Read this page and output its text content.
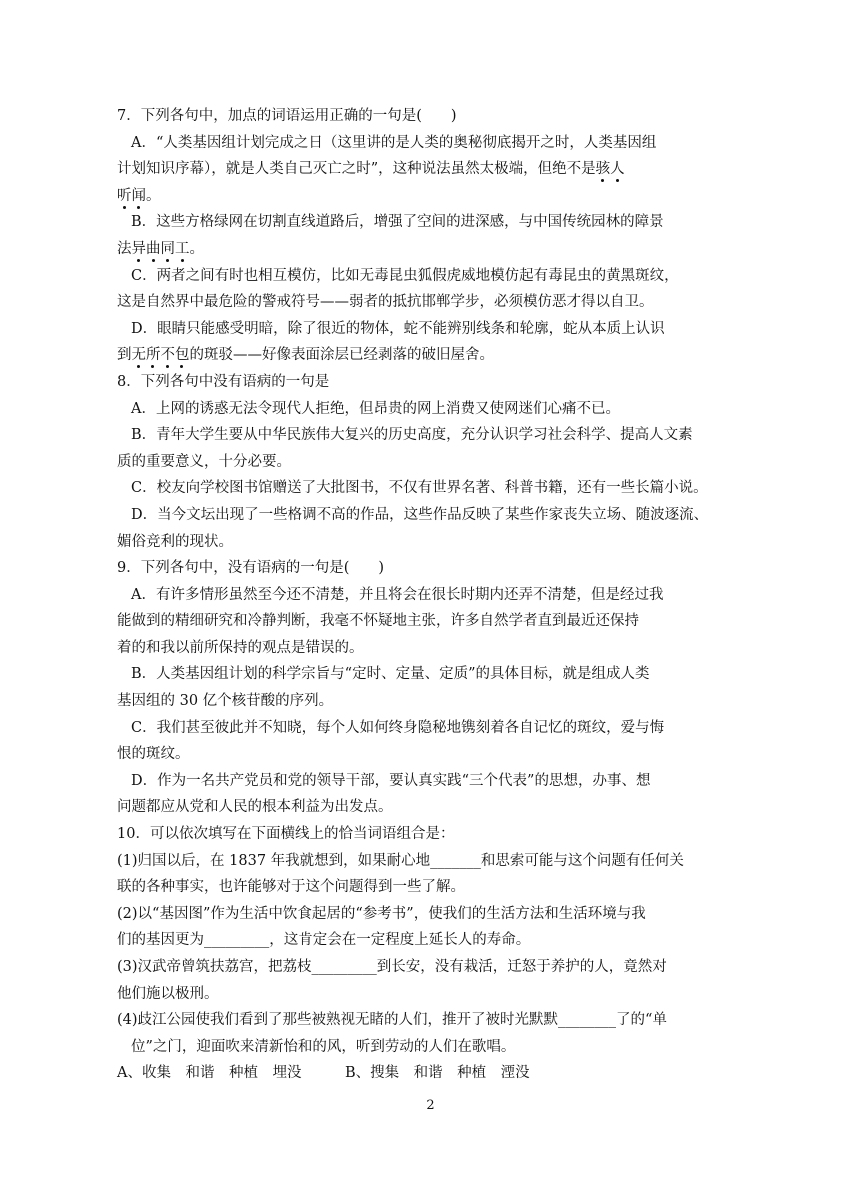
7．下列各句中，加点的词语运用正确的一句是(　　)
A．“人类基因组计划完成之日（这里讲的是人类的奥秘彻底揭开之时，人类基因组
计划知识序幕），就是人类自己灭亡之时”，这种说法虽然太极端，但绝不是骇人
听闻
。
B．这些方格绿网在切割直线道路后，增强了空间的进深感，与中国传统园林的障景
法异曲同工
。
C．两者之间有时也相互模仿，比如无毒昆虫狐假虎威地模仿起有毒昆虫的黄黑斑纹，
这是自然界中最危险的警戒符号——弱者的抵抗邯郸学步，必须模仿恶才得以自卫。
D．眼睛只能感受明暗，除了很近的物体，蛇不能辨别线条和轮廓，蛇从本质上认识
到无所不包
的斑驳——好像表面涂层已经剥落的破旧屋舍。
8．下列各句中没有语病的一句是
A．上网的诱惑无法令现代人拒绝，但昂贵的网上消费又使网迷们心痛不已。
B．青年大学生要从中华民族伟大复兴的历史高度，充分认识学习社会科学、提高人文素
质的重要意义，十分必要。
C．校友向学校图书馆赠送了大批图书，不仅有世界名著、科普书籍，还有一些长篇小说。
D．当今文坛出现了一些格调不高的作品，这些作品反映了某些作家丧失立场、随波逐流、
媚俗竞利的现状。
9．下列各句中，没有语病的一句是(　　)
A．有许多情形虽然至今还不清楚，并且将会在很长时期内还弄不清楚，但是经过我
能做到的精细研究和冷静判断，我毫不怀疑地主张，许多自然学者直到最近还保持
着的和我以前所保持的观点是错误的。
B．人类基因组计划的科学宗旨与“定时、定量、定质”的具体目标，就是组成人类
基因组的 30 亿个核苷酸的序列。
C．我们甚至彼此并不知晓，每个人如何终身隐秘地镌刻着各自记忆的斑纹，爱与悔
恨的斑纹。
D．作为一名共产党员和党的领导干部，要认真实践“三个代表”的思想，办事、想
问题都应从党和人民的根本利益为出发点。
10．可以依次填写在下面横线上的恰当词语组合是：
(1)归国以后，在 1837 年我就想到，如果耐心地_______和思索可能与这个问题有任何关
联的各种事实，也许能够对于这个问题得到一些了解。
(2)以“基因图”作为生活中饮食起居的“参考书”，使我们的生活方法和生活环境与我
们的基因更为_________，这肯定会在一定程度上延长人的寿命。
(3)汉武帝曾筑扶荔宫，把荔枝_________到长安，没有栽活，迁怒于养护的人，竟然对
他们施以极刑。
(4)歧江公园使我们看到了那些被熟视无睹的人们，推开了被时光默默________了的“单
位”之门，迎面吹来清新怡和的风，听到劳动的人们在歌唱。
A、收集　和谐　种植　埋没　　　B、搜集　和谐　种植　湮没
2
